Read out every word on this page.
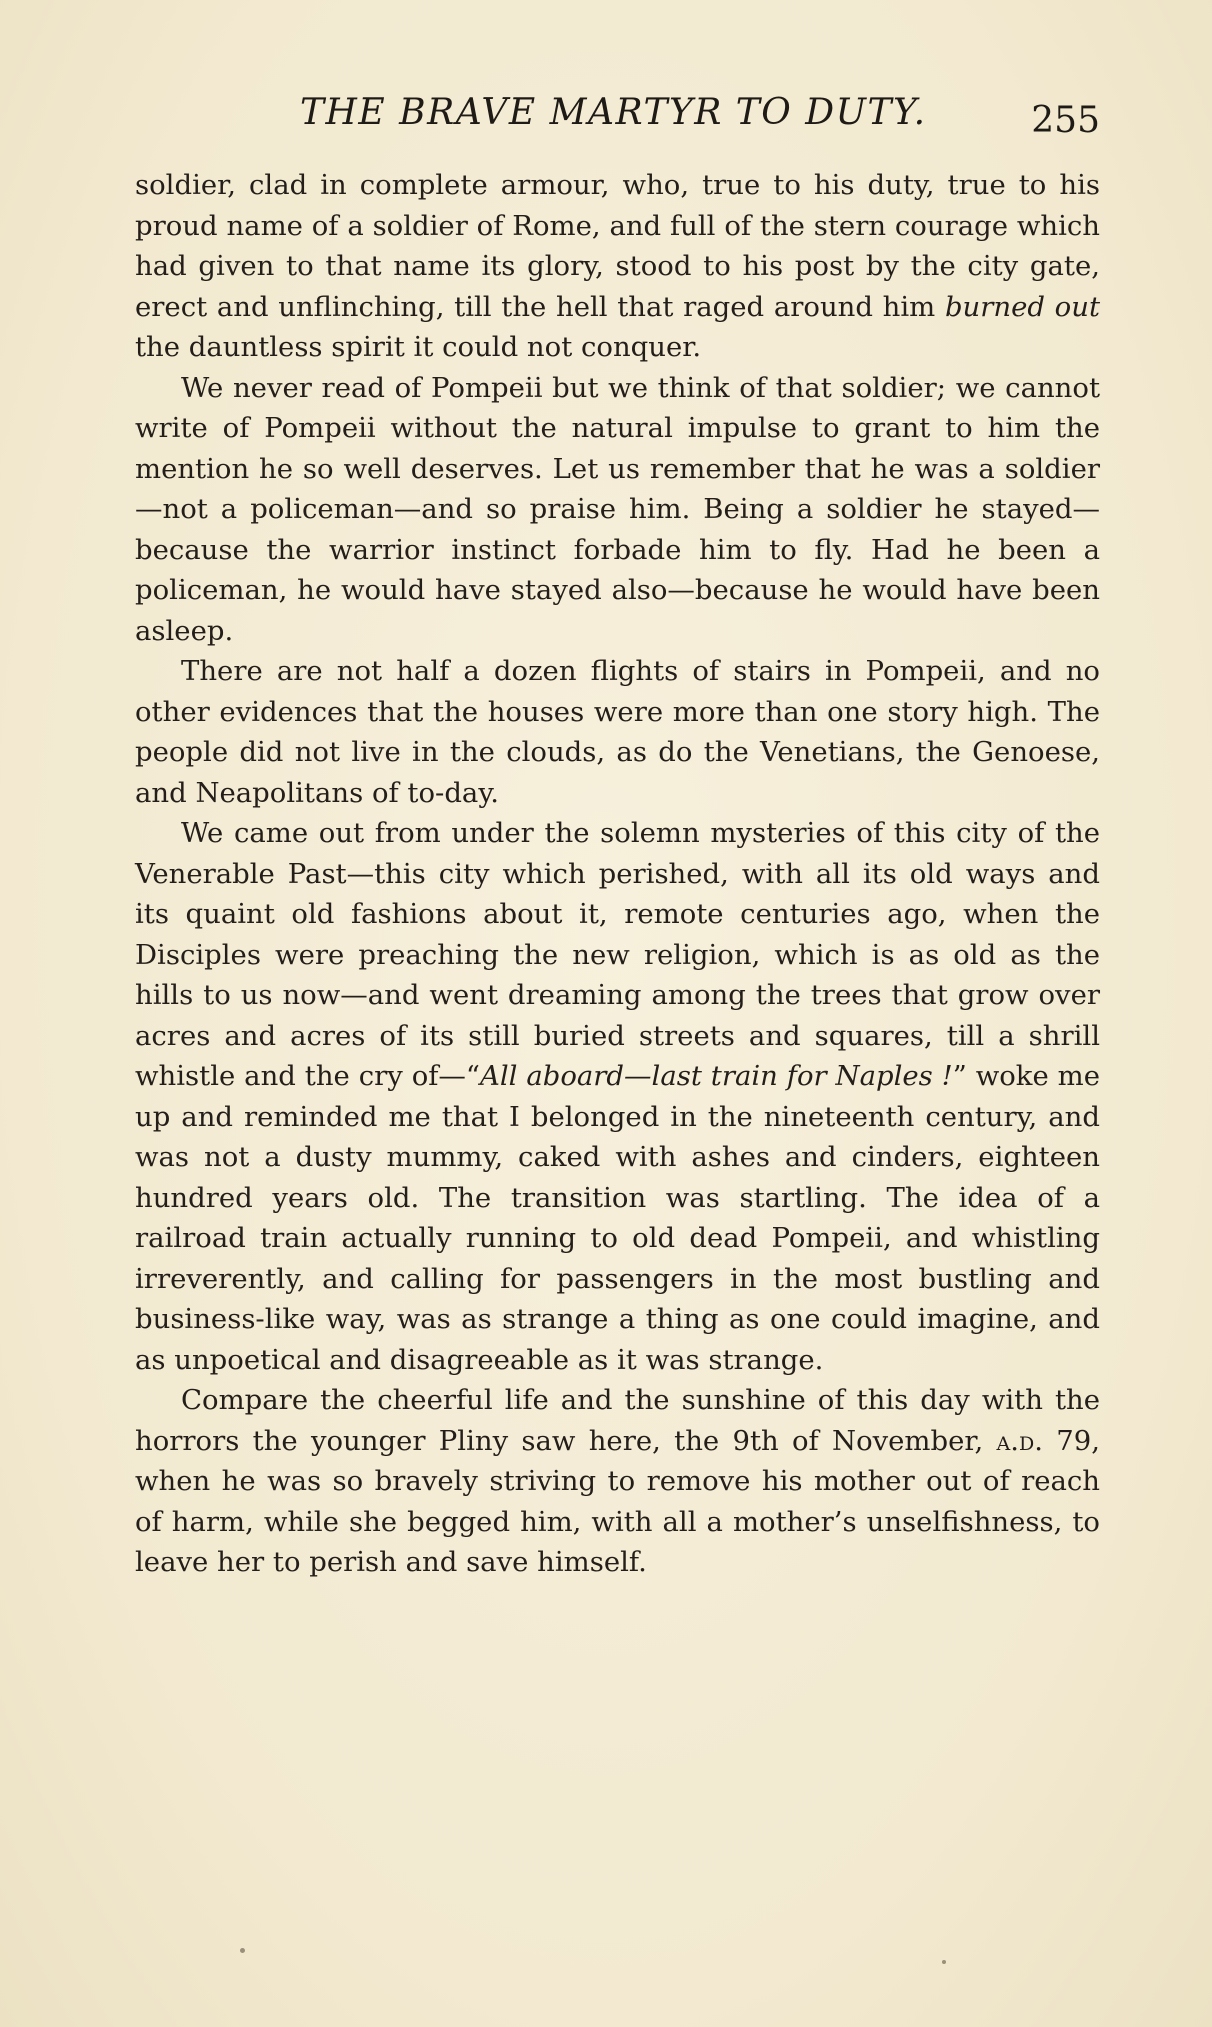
THE BRAVE MARTYR TO DUTY.	255

soldier, clad in complete armour, who, true to his duty, true to his proud name of a soldier of Rome, and full of the stern courage which had given to that name its glory, stood to his post by the city gate, erect and unflinching, till the hell that raged around him burned out the dauntless spirit it could not conquer.

We never read of Pompeii but we think of that soldier; we cannot write of Pompeii without the natural impulse to grant to him the mention he so well deserves. Let us remember that he was a soldier—not a policeman—and so praise him. Being a soldier he stayed—because the warrior instinct forbade him to fly. Had he been a policeman, he would have stayed also—because he would have been asleep.

There are not half a dozen flights of stairs in Pompeii, and no other evidences that the houses were more than one story high. The people did not live in the clouds, as do the Venetians, the Genoese, and Neapolitans of to-day.

We came out from under the solemn mysteries of this city of the Venerable Past—this city which perished, with all its old ways and its quaint old fashions about it, remote centuries ago, when the Disciples were preaching the new religion, which is as old as the hills to us now—and went dreaming among the trees that grow over acres and acres of its still buried streets and squares, till a shrill whistle and the cry of—“All aboard—last train for Naples !” woke me up and reminded me that I belonged in the nineteenth century, and was not a dusty mummy, caked with ashes and cinders, eighteen hundred years old. The transition was startling. The idea of a railroad train actually running to old dead Pompeii, and whistling irreverently, and calling for passengers in the most bustling and business-like way, was as strange a thing as one could imagine, and as unpoetical and disagreeable as it was strange.

Compare the cheerful life and the sunshine of this day with the horrors the younger Pliny saw here, the 9th of November, a.d. 79, when he was so bravely striving to remove his mother out of reach of harm, while she begged him, with all a mother’s unselfishness, to leave her to perish and save himself.
